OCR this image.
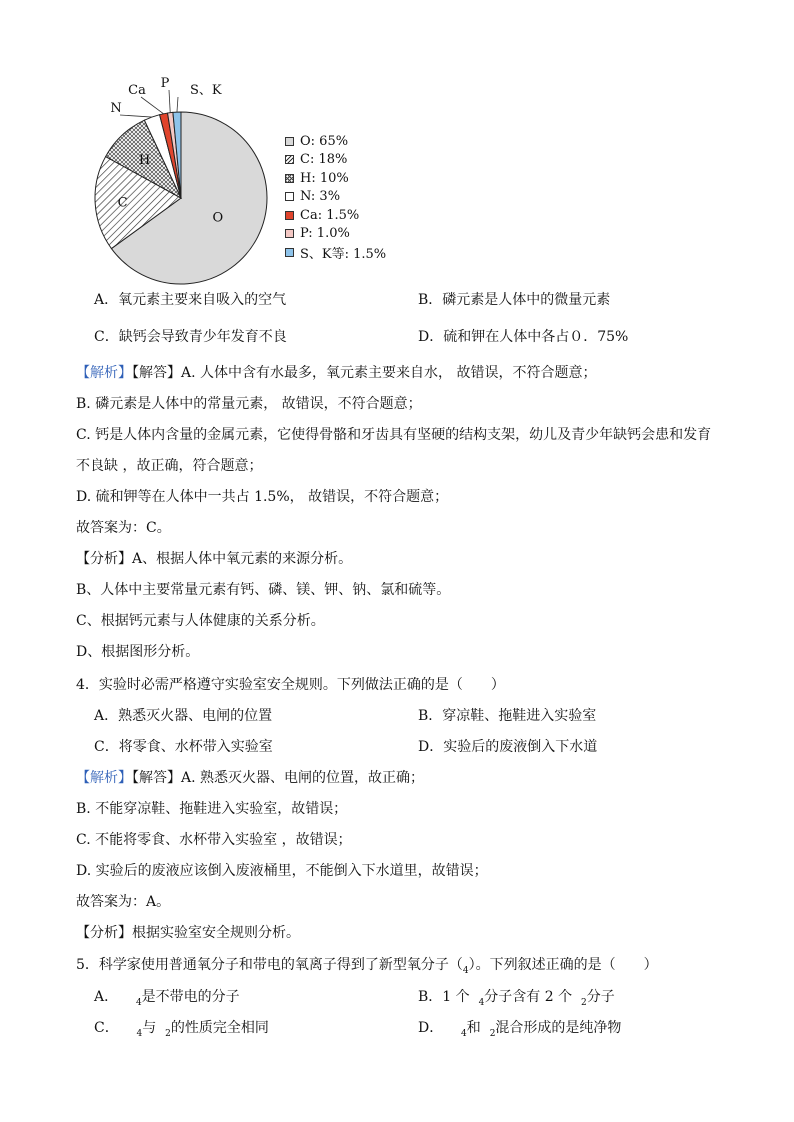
O
C
H
N
Ca P S、K
O: 65%
C: 18%
H: 10%
N: 3%
Ca: 1.5%
P: 1.0%
S、K等: 1.5%
A．氧元素主要来自吸入的空气	B．磷元素是人体中的微量元素
C．缺钙会导致青少年发育不良	D．硫和钾在人体中各占０．75%
【解析】【解答】A. 人体中含有水最多，氧元素主要来自水， 故错误，不符合题意；
B. 磷元素是人体中的常量元素， 故错误，不符合题意；
C. 钙是人体内含量的金属元素，它使得骨骼和牙齿具有坚硬的结构支架，幼儿及青少年缺钙会患和发育
不良缺 ，故正确，符合题意；
D. 硫和钾等在人体中一共占 1.5%， 故错误，不符合题意；
故答案为：C。
【分析】A、根据人体中氧元素的来源分析。
B、人体中主要常量元素有钙、磷、镁、钾、钠、氯和硫等。
C、根据钙元素与人体健康的关系分析。
D、根据图形分析。
4．实验时必需严格遵守实验室安全规则。下列做法正确的是（　　）
A．熟悉灭火器、电闸的位置	B．穿凉鞋、拖鞋进入实验室
C．将零食、水杯带入实验室	D．实验后的废液倒入下水道
【解析】【解答】A. 熟悉灭火器、电闸的位置，故正确；
B. 不能穿凉鞋、拖鞋进入实验室，故错误；
C. 不能将零食、水杯带入实验室 ，故错误；
D. 实验后的废液应该倒入废液桶里，不能倒入下水道里，故错误；
故答案为：A。
【分析】根据实验室安全规则分析。
5．科学家使用普通氧分子和带电的氧离子得到了新型氧分子$(_4)$。下列叙述正确的是（　　）
A． $_4$是不带电的分子	B．1 个  $_4$分子含有 2 个  $_2$分子
C． $_4$与  $_2$的性质完全相同	D． $_4$和  $_2$混合形成的是纯净物
